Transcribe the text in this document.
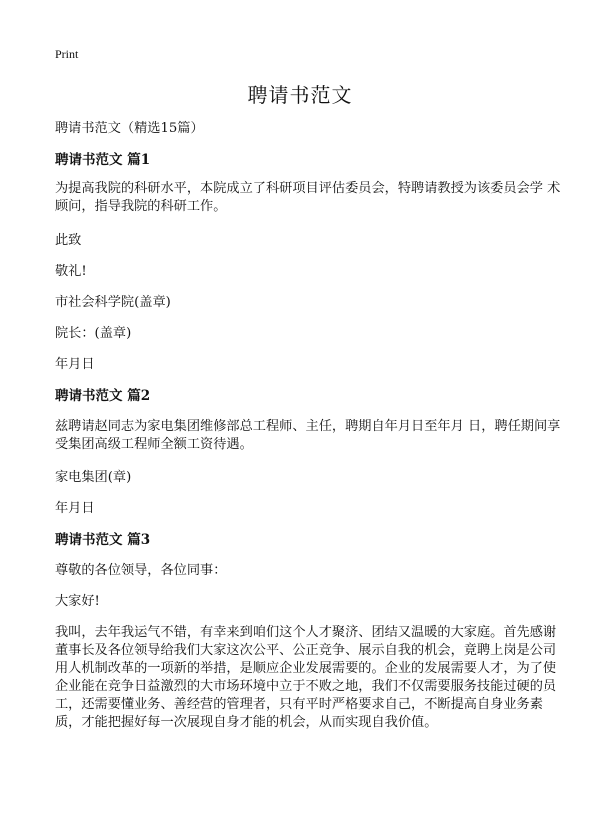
Print
聘请书范文
聘请书范文（精选15篇）
聘请书范文 篇1
为提高我院的科研水平，本院成立了科研项目评估委员会，特聘请教授为该委员会学 术顾问，指导我院的科研工作。
此致
敬礼!
市社会科学院(盖章)
院长：(盖章)
年月日
聘请书范文 篇2
兹聘请赵同志为家电集团维修部总工程师、主任，聘期自年月日至年月 日，聘任期间享受集团高级工程师全额工资待遇。
家电集团(章)
年月日
聘请书范文 篇3
尊敬的各位领导，各位同事：
大家好!
我叫，去年我运气不错，有幸来到咱们这个人才聚济、团结又温暖的大家庭。首先感谢董事长及各位领导给我们大家这次公平、公正竞争、展示自我的机会，竟聘上岗是公司用人机制改革的一项新的举措，是顺应企业发展需要的。企业的发展需要人才，为了使企业能在竞争日益激烈的大市场环境中立于不败之地，我们不仅需要服务技能过硬的员工，还需要懂业务、善经营的管理者，只有平时严格要求自己，不断提高自身业务素质，才能把握好每一次展现自身才能的机会，从而实现自我价值。
